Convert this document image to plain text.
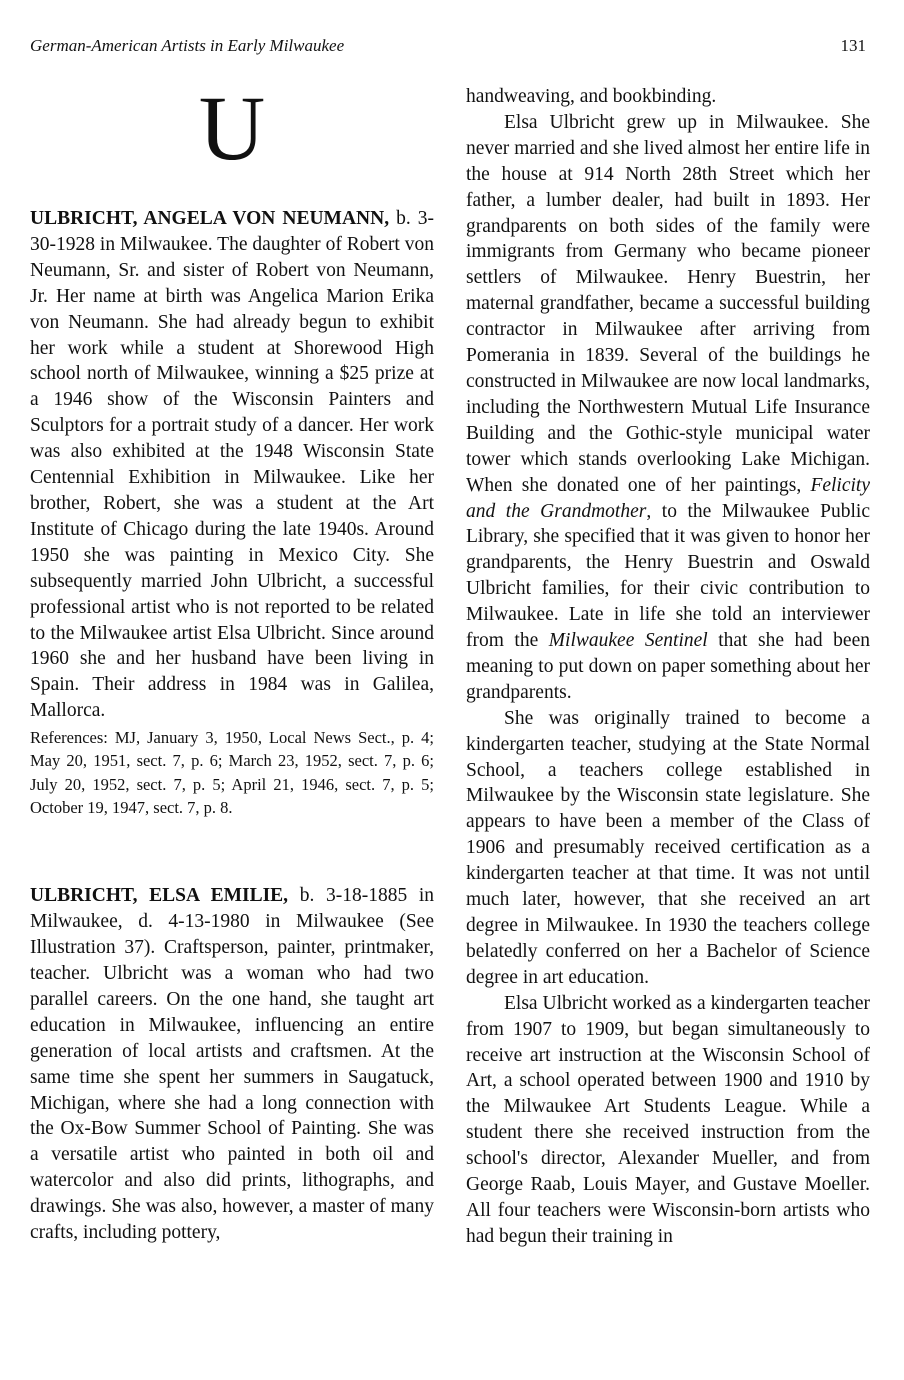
German-American Artists in Early Milwaukee	131
U

ULBRICHT, ANGELA VON NEUMANN, b. 3-30-1928 in Milwaukee. The daughter of Robert von Neumann, Sr. and sister of Robert von Neumann, Jr. Her name at birth was Angelica Marion Erika von Neumann. She had already begun to exhibit her work while a student at Shorewood High school north of Milwaukee, winning a $25 prize at a 1946 show of the Wisconsin Painters and Sculptors for a portrait study of a dancer. Her work was also exhibited at the 1948 Wisconsin State Centennial Exhibition in Milwaukee. Like her brother, Robert, she was a student at the Art Institute of Chicago during the late 1940s. Around 1950 she was painting in Mexico City. She subsequently married John Ulbricht, a successful professional artist who is not reported to be related to the Milwaukee artist Elsa Ulbricht. Since around 1960 she and her husband have been living in Spain. Their address in 1984 was in Galilea, Mallorca.

References: MJ, January 3, 1950, Local News Sect., p. 4; May 20, 1951, sect. 7, p. 6; March 23, 1952, sect. 7, p. 6; July 20, 1952, sect. 7, p. 5; April 21, 1946, sect. 7, p. 5; October 19, 1947, sect. 7, p. 8.

ULBRICHT, ELSA EMILIE, b. 3-18-1885 in Milwaukee, d. 4-13-1980 in Milwaukee (See Illustration 37). Craftsperson, painter, printmaker, teacher. Ulbricht was a woman who had two parallel careers. On the one hand, she taught art education in Milwaukee, influencing an entire generation of local artists and craftsmen. At the same time she spent her summers in Saugatuck, Michigan, where she had a long connection with the Ox-Bow Summer School of Painting. She was a versatile artist who painted in both oil and watercolor and also did prints, lithographs, and drawings. She was also, however, a master of many crafts, including pottery,

handweaving, and bookbinding.

Elsa Ulbricht grew up in Milwaukee. She never married and she lived almost her entire life in the house at 914 North 28th Street which her father, a lumber dealer, had built in 1893. Her grandparents on both sides of the family were immigrants from Germany who became pioneer settlers of Milwaukee. Henry Buestrin, her maternal grandfather, became a successful building contractor in Milwaukee after arriving from Pomerania in 1839. Several of the buildings he constructed in Milwaukee are now local landmarks, including the Northwestern Mutual Life Insurance Building and the Gothic-style municipal water tower which stands overlooking Lake Michigan. When she donated one of her paintings, Felicity and the Grandmother, to the Milwaukee Public Library, she specified that it was given to honor her grandparents, the Henry Buestrin and Oswald Ulbricht families, for their civic contribution to Milwaukee. Late in life she told an interviewer from the Milwaukee Sentinel that she had been meaning to put down on paper something about her grandparents.

She was originally trained to become a kindergarten teacher, studying at the State Normal School, a teachers college established in Milwaukee by the Wisconsin state legislature. She appears to have been a member of the Class of 1906 and presumably received certification as a kindergarten teacher at that time. It was not until much later, however, that she received an art degree in Milwaukee. In 1930 the teachers college belatedly conferred on her a Bachelor of Science degree in art education.

Elsa Ulbricht worked as a kindergarten teacher from 1907 to 1909, but began simultaneously to receive art instruction at the Wisconsin School of Art, a school operated between 1900 and 1910 by the Milwaukee Art Students League. While a student there she received instruction from the school's director, Alexander Mueller, and from George Raab, Louis Mayer, and Gustave Moeller. All four teachers were Wisconsin-born artists who had begun their training in
